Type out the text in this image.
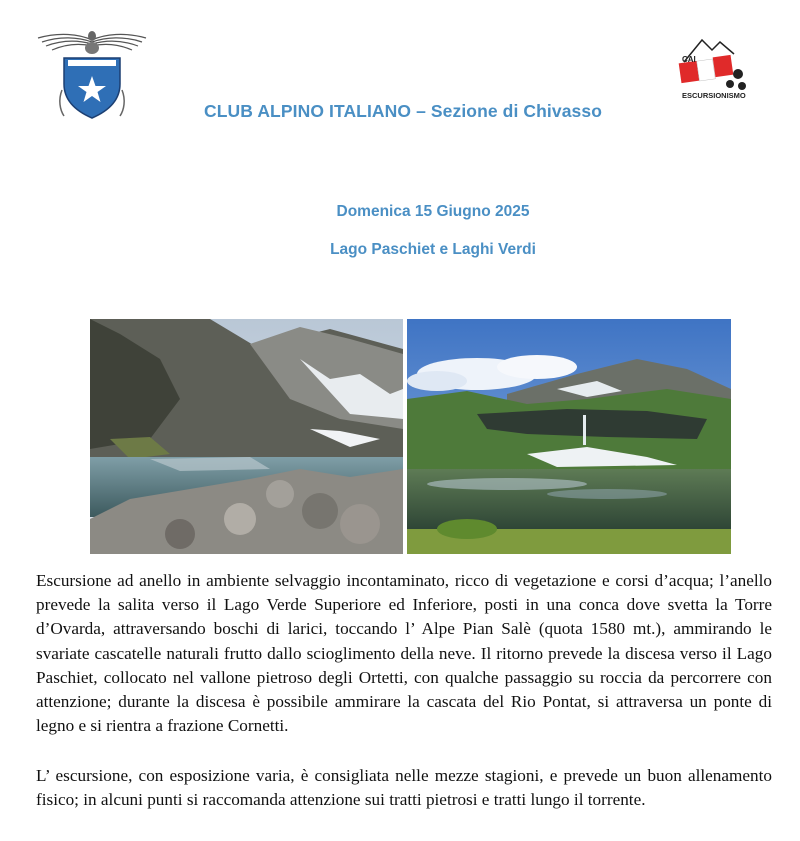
CAI
ESCURSIONISMO
CLUB ALPINO ITALIANO – Sezione di Chivasso
Domenica 15 Giugno 2025
Lago Paschiet e Laghi Verdi

Escursione ad anello in ambiente selvaggio incontaminato, ricco di vegetazione e corsi d’acqua; l’anello prevede la salita verso il Lago Verde Superiore ed Inferiore, posti in una conca dove svetta la Torre d’Ovarda, attraversando boschi di larici, toccando l’ Alpe Pian Salè (quota 1580 mt.), ammirando le svariate cascatelle naturali frutto dallo scioglimento della neve. Il ritorno prevede la discesa verso il Lago Paschiet, collocato nel vallone pietroso degli Ortetti, con qualche passaggio su roccia da percorrere con attenzione; durante la discesa è possibile ammirare la cascata del Rio Pontat, si attraversa un ponte di legno e si rientra a frazione Cornetti.

L’ escursione, con esposizione varia, è consigliata nelle mezze stagioni, e prevede un buon allenamento fisico; in alcuni punti si raccomanda attenzione sui tratti pietrosi e tratti lungo il torrente.
